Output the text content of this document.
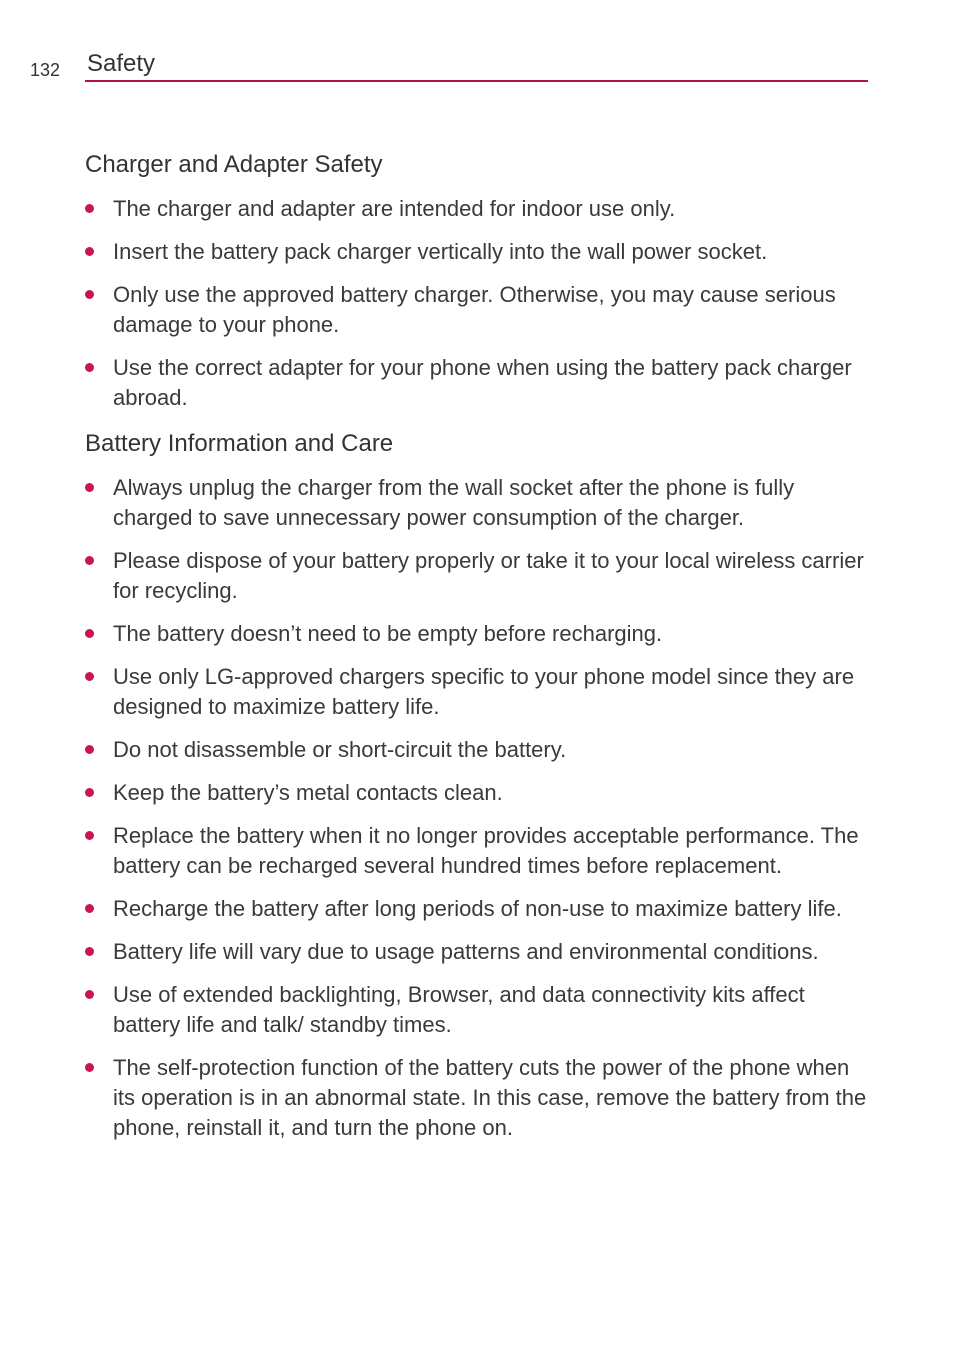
132 Safety
Charger and Adapter Safety
The charger and adapter are intended for indoor use only.
Insert the battery pack charger vertically into the wall power socket.
Only use the approved battery charger. Otherwise, you may cause serious damage to your phone.
Use the correct adapter for your phone when using the battery pack charger abroad.
Battery Information and Care
Always unplug the charger from the wall socket after the phone is fully charged to save unnecessary power consumption of the charger.
Please dispose of your battery properly or take it to your local wireless carrier for recycling.
The battery doesn’t need to be empty before recharging.
Use only LG-approved chargers specific to your phone model since they are designed to maximize battery life.
Do not disassemble or short-circuit the battery.
Keep the battery’s metal contacts clean.
Replace the battery when it no longer provides acceptable performance. The battery can be recharged several hundred times before replacement.
Recharge the battery after long periods of non-use to maximize battery life.
Battery life will vary due to usage patterns and environmental conditions.
Use of extended backlighting, Browser, and data connectivity kits affect battery life and talk/ standby times.
The self-protection function of the battery cuts the power of the phone when its operation is in an abnormal state. In this case, remove the battery from the phone, reinstall it, and turn the phone on.
